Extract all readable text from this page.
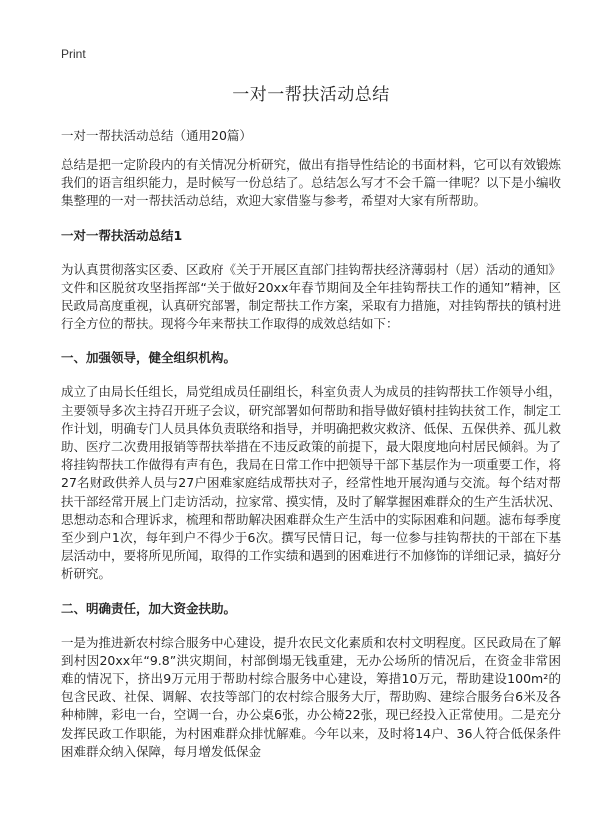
Print
一对一帮扶活动总结

一对一帮扶活动总结（通用20篇）

总结是把一定阶段内的有关情况分析研究，做出有指导性结论的书面材料，它可以有效锻炼我们的语言组织能力，是时候写一份总结了。总结怎么写才不会千篇一律呢？以下是小编收集整理的一对一帮扶活动总结，欢迎大家借鉴与参考，希望对大家有所帮助。

一对一帮扶活动总结1

为认真贯彻落实区委、区政府《关于开展区直部门挂钩帮扶经济薄弱村（居）活动的通知》文件和区脱贫攻坚指挥部“关于做好20xx年春节期间及全年挂钩帮扶工作的通知”精神，区民政局高度重视，认真研究部署，制定帮扶工作方案，采取有力措施，对挂钩帮扶的镇村进行全方位的帮扶。现将今年来帮扶工作取得的成效总结如下：

一、加强领导，健全组织机构。

成立了由局长任组长，局党组成员任副组长，科室负责人为成员的挂钩帮扶工作领导小组，主要领导多次主持召开班子会议，研究部署如何帮助和指导做好镇村挂钩扶贫工作，制定工作计划，明确专门人员具体负责联络和指导，并明确把救灾救济、低保、五保供养、孤儿救助、医疗二次费用报销等帮扶举措在不违反政策的前提下，最大限度地向村居民倾斜。为了将挂钩帮扶工作做得有声有色，我局在日常工作中把领导干部下基层作为一项重要工作，将27名财政供养人员与27户困难家庭结成帮扶对子，经常性地开展沟通与交流。每个结对帮扶干部经常开展上门走访活动，拉家常、摸实情，及时了解掌握困难群众的生产生活状况、思想动态和合理诉求，梳理和帮助解决困难群众生产生活中的实际困难和问题。滤布每季度至少到户1次，每年到户不得少于6次。撰写民情日记，每一位参与挂钩帮扶的干部在下基层活动中，要将所见所闻，取得的工作实绩和遇到的困难进行不加修饰的详细记录，搞好分析研究。

二、明确责任，加大资金扶助。

一是为推进新农村综合服务中心建设，提升农民文化素质和农村文明程度。区民政局在了解到村因20xx年“9.8”洪灾期间，村部倒塌无钱重建，无办公场所的情况后，在资金非常困难的情况下，挤出9万元用于帮助村综合服务中心建设，筹措10万元，帮助建设100m²的包含民政、社保、调解、农技等部门的农村综合服务大厅，帮助购、建综合服务台6米及各种柿牌，彩电一台，空调一台，办公桌6张，办公椅22张，现已经投入正常使用。二是充分发挥民政工作职能，为村困难群众排忧解难。今年以来，及时将14户、36人符合低保条件困难群众纳入保障，每月增发低保金
